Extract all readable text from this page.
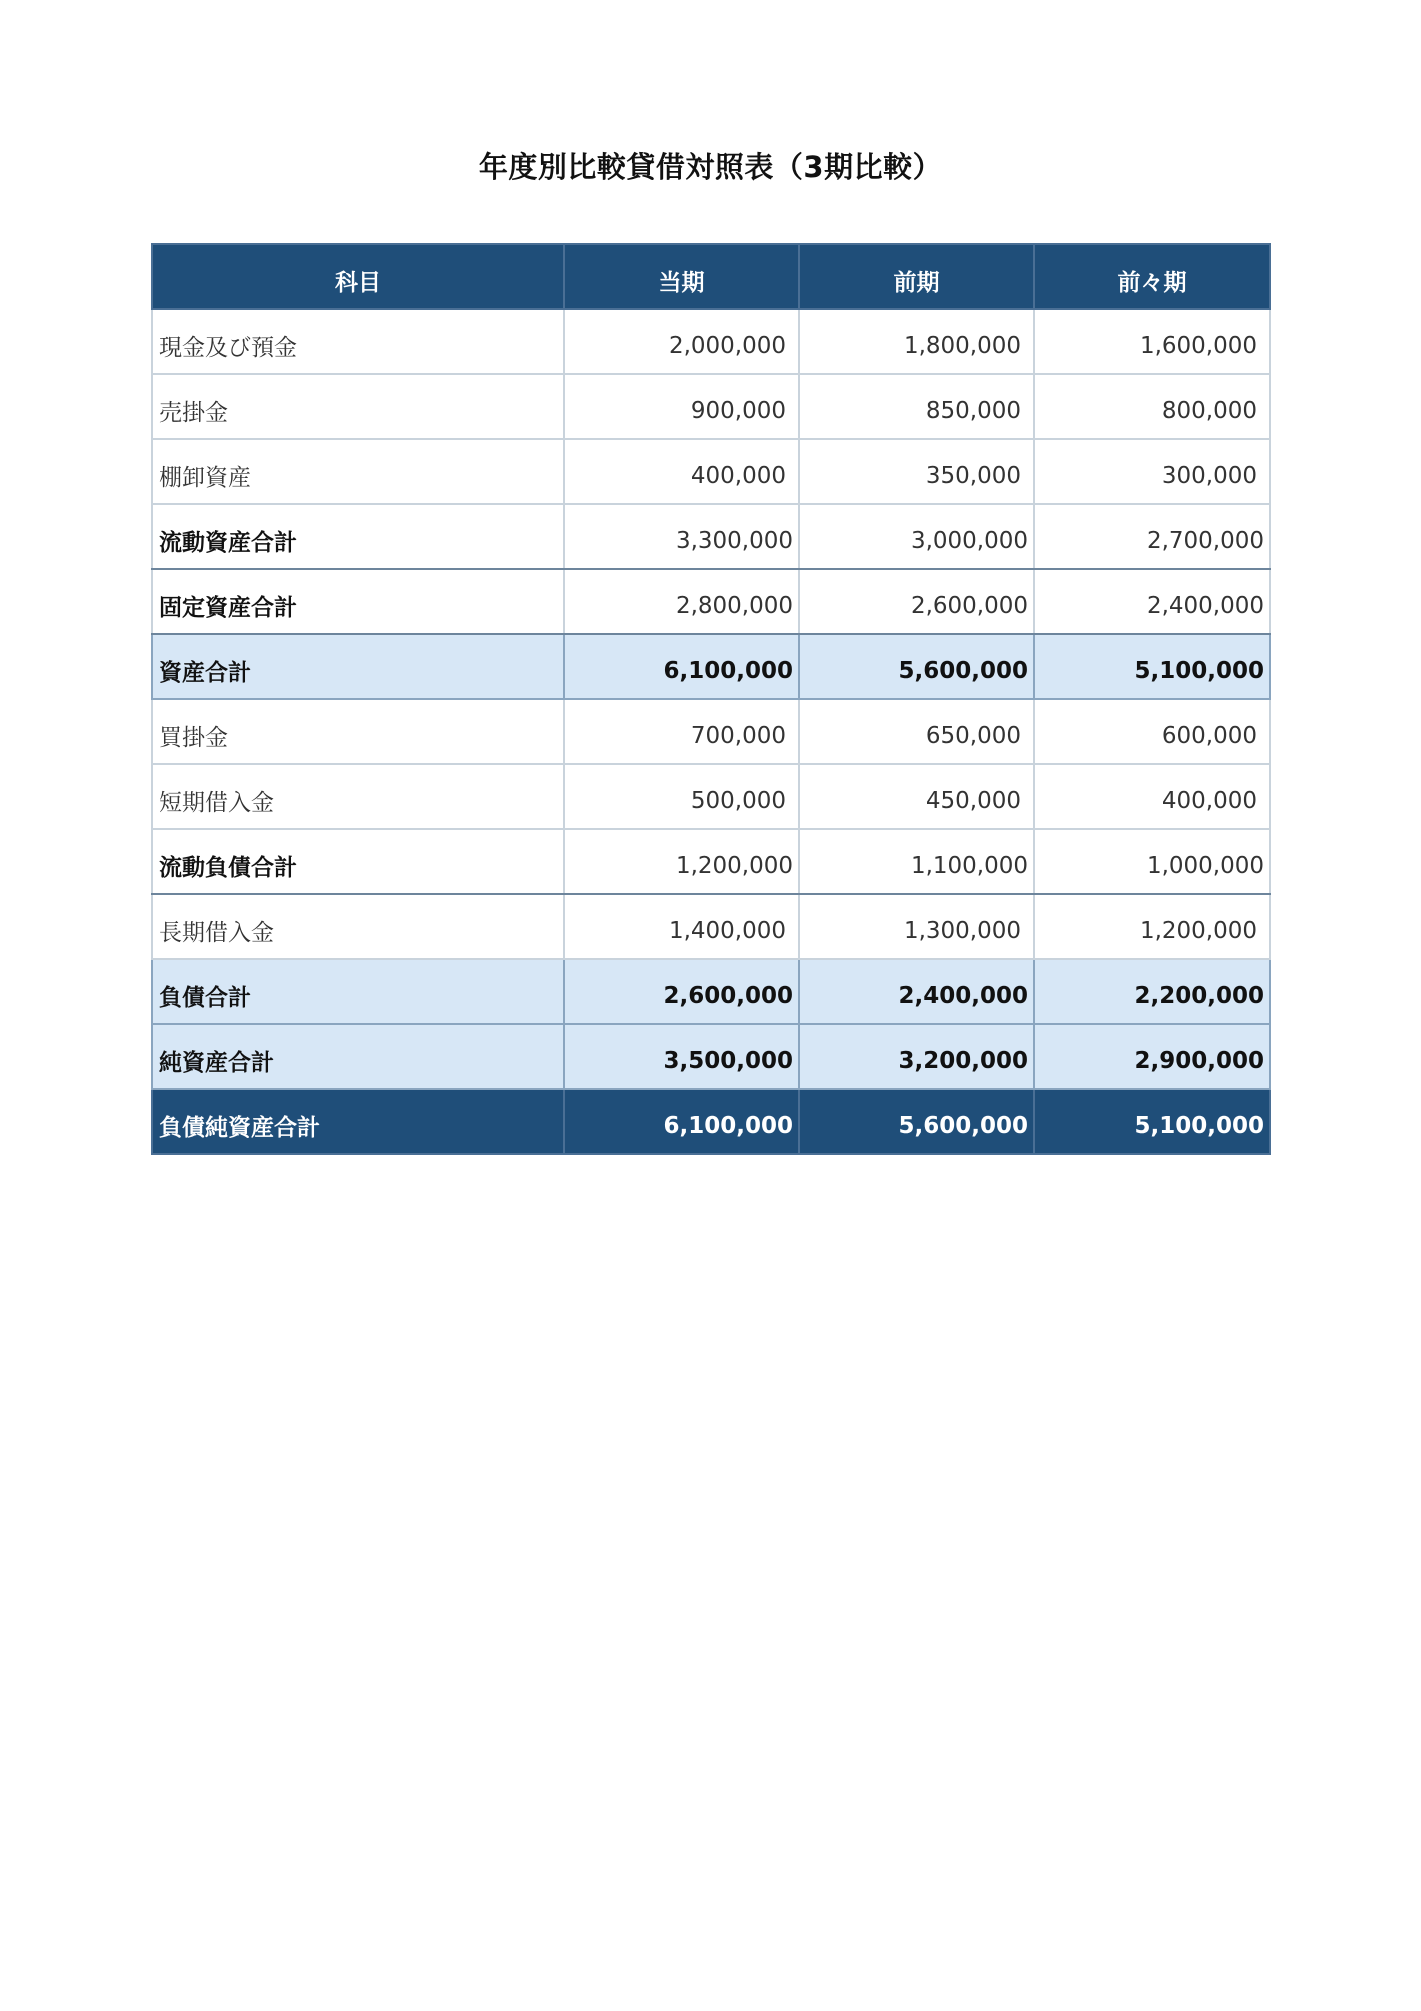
年度別比較貸借対照表（3期比較）
科目	当期	前期	前々期
現金及び預金	2,000,000	1,800,000	1,600,000
売掛金	900,000	850,000	800,000
棚卸資産	400,000	350,000	300,000
流動資産合計	3,300,000	3,000,000	2,700,000
固定資産合計	2,800,000	2,600,000	2,400,000
資産合計	6,100,000	5,600,000	5,100,000
買掛金	700,000	650,000	600,000
短期借入金	500,000	450,000	400,000
流動負債合計	1,200,000	1,100,000	1,000,000
長期借入金	1,400,000	1,300,000	1,200,000
負債合計	2,600,000	2,400,000	2,200,000
純資産合計	3,500,000	3,200,000	2,900,000
負債純資産合計	6,100,000	5,600,000	5,100,000
